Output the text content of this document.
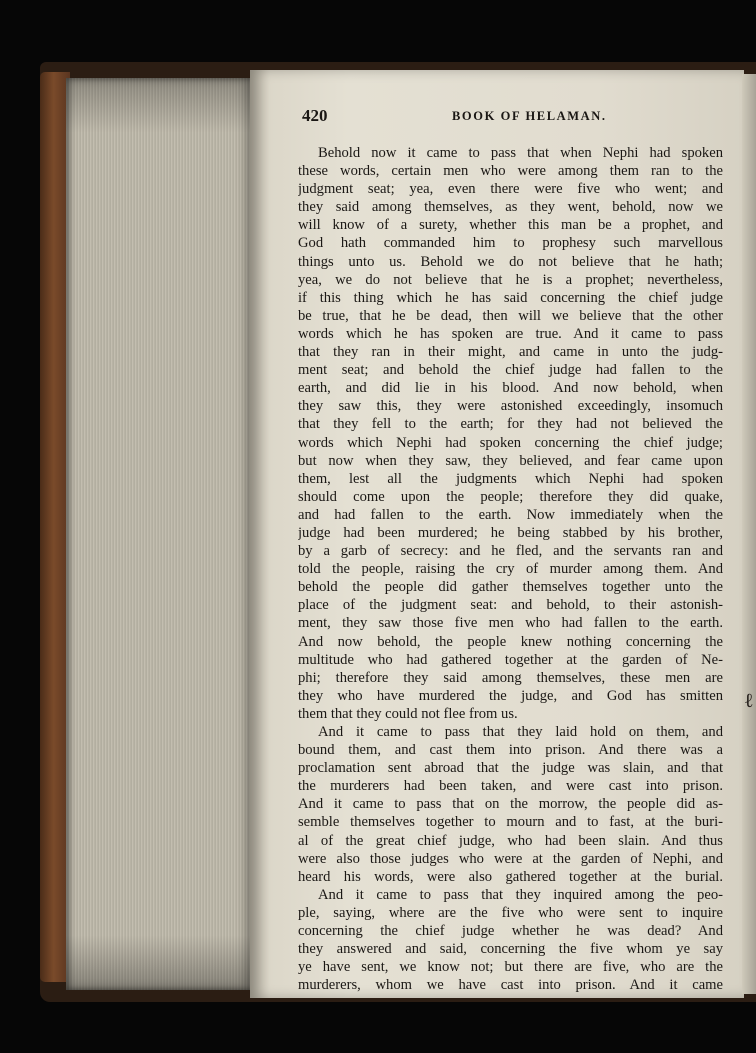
420	BOOK OF HELAMAN.
Behold now it came to pass that when Nephi had spoken
these words, certain men who were among them ran to the
judgment seat; yea, even there were five who went; and
they said among themselves, as they went, behold, now we
will know of a surety, whether this man be a prophet, and
God hath commanded him to prophesy such marvellous
things unto us. Behold we do not believe that he hath;
yea, we do not believe that he is a prophet; nevertheless,
if this thing which he has said concerning the chief judge
be true, that he be dead, then will we believe that the other
words which he has spoken are true. And it came to pass
that they ran in their might, and came in unto the judg-
ment seat; and behold the chief judge had fallen to the
earth, and did lie in his blood. And now behold, when
they saw this, they were astonished exceedingly, insomuch
that they fell to the earth; for they had not believed the
words which Nephi had spoken concerning the chief judge;
but now when they saw, they believed, and fear came upon
them, lest all the judgments which Nephi had spoken
should come upon the people; therefore they did quake,
and had fallen to the earth. Now immediately when the
judge had been murdered; he being stabbed by his brother,
by a garb of secrecy: and he fled, and the servants ran and
told the people, raising the cry of murder among them. And
behold the people did gather themselves together unto the
place of the judgment seat: and behold, to their astonish-
ment, they saw those five men who had fallen to the earth.
And now behold, the people knew nothing concerning the
multitude who had gathered together at the garden of Ne-
phi; therefore they said among themselves, these men are
they who have murdered the judge, and God has smitten
them that they could not flee from us.
And it came to pass that they laid hold on them, and
bound them, and cast them into prison. And there was a
proclamation sent abroad that the judge was slain, and that
the murderers had been taken, and were cast into prison.
And it came to pass that on the morrow, the people did as-
semble themselves together to mourn and to fast, at the buri-
al of the great chief judge, who had been slain. And thus
were also those judges who were at the garden of Nephi, and
heard his words, were also gathered together at the burial.
And it came to pass that they inquired among the peo-
ple, saying, where are the five who were sent to inquire
concerning the chief judge whether he was dead? And
they answered and said, concerning the five whom ye say
ye have sent, we know not; but there are five, who are the
murderers, whom we have cast into prison. And it came
ℓ
